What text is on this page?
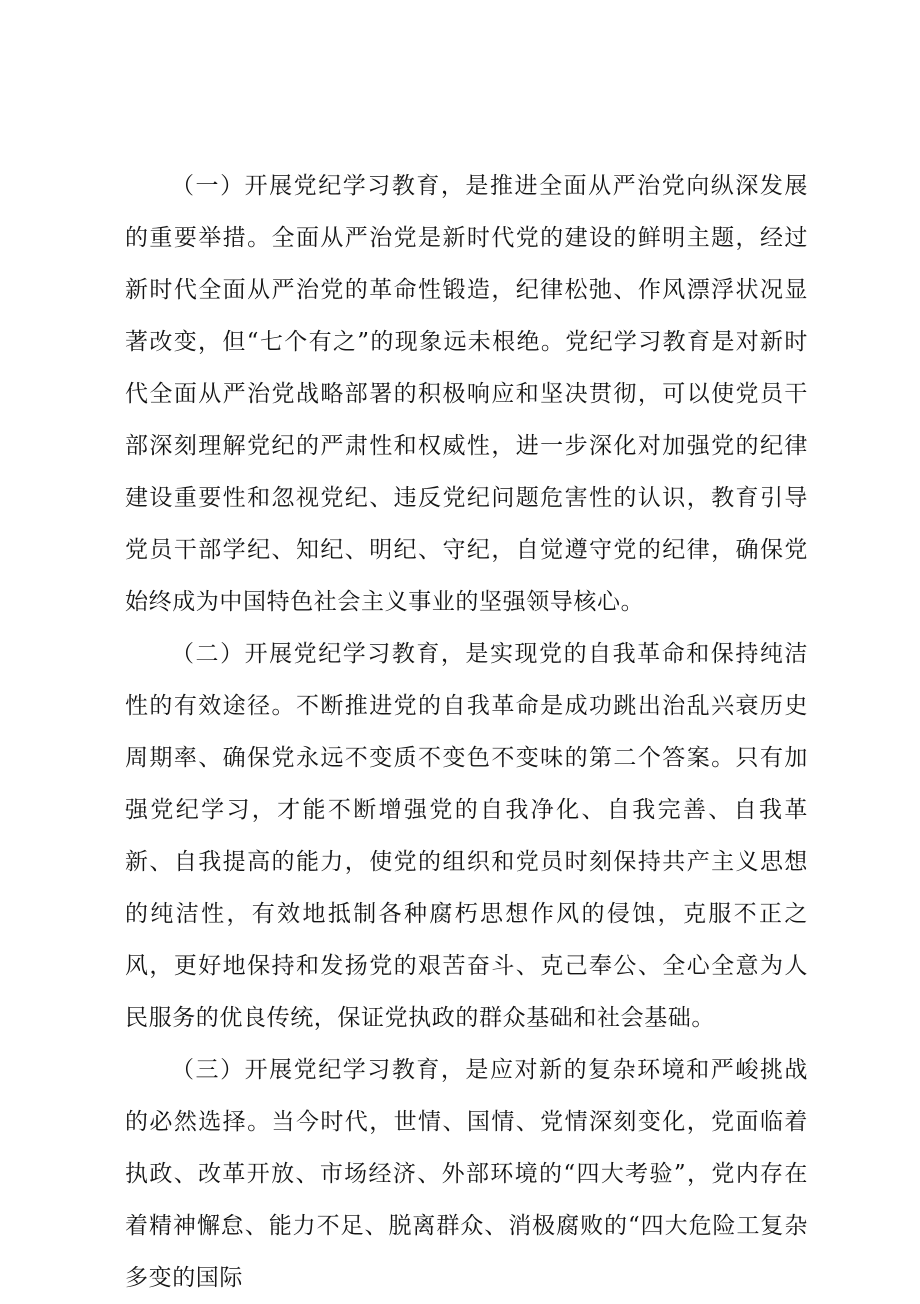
（一）开展党纪学习教育，是推进全面从严治党向纵深发展的重要举措。全面从严治党是新时代党的建设的鲜明主题，经过新时代全面从严治党的革命性锻造，纪律松弛、作风漂浮状况显著改变，但“七个有之”的现象远未根绝。党纪学习教育是对新时代全面从严治党战略部署的积极响应和坚决贯彻，可以使党员干部深刻理解党纪的严肃性和权威性，进一步深化对加强党的纪律建设重要性和忽视党纪、违反党纪问题危害性的认识，教育引导党员干部学纪、知纪、明纪、守纪，自觉遵守党的纪律，确保党始终成为中国特色社会主义事业的坚强领导核心。

（二）开展党纪学习教育，是实现党的自我革命和保持纯洁性的有效途径。不断推进党的自我革命是成功跳出治乱兴衰历史周期率、确保党永远不变质不变色不变味的第二个答案。只有加强党纪学习，才能不断增强党的自我净化、自我完善、自我革新、自我提高的能力，使党的组织和党员时刻保持共产主义思想的纯洁性，有效地抵制各种腐朽思想作风的侵蚀，克服不正之风，更好地保持和发扬党的艰苦奋斗、克己奉公、全心全意为人民服务的优良传统，保证党执政的群众基础和社会基础。

（三）开展党纪学习教育，是应对新的复杂环境和严峻挑战的必然选择。当今时代，世情、国情、党情深刻变化，党面临着执政、改革开放、市场经济、外部环境的“四大考验”，党内存在着精神懈怠、能力不足、脱离群众、消极腐败的“四大危险工复杂多变的国际
